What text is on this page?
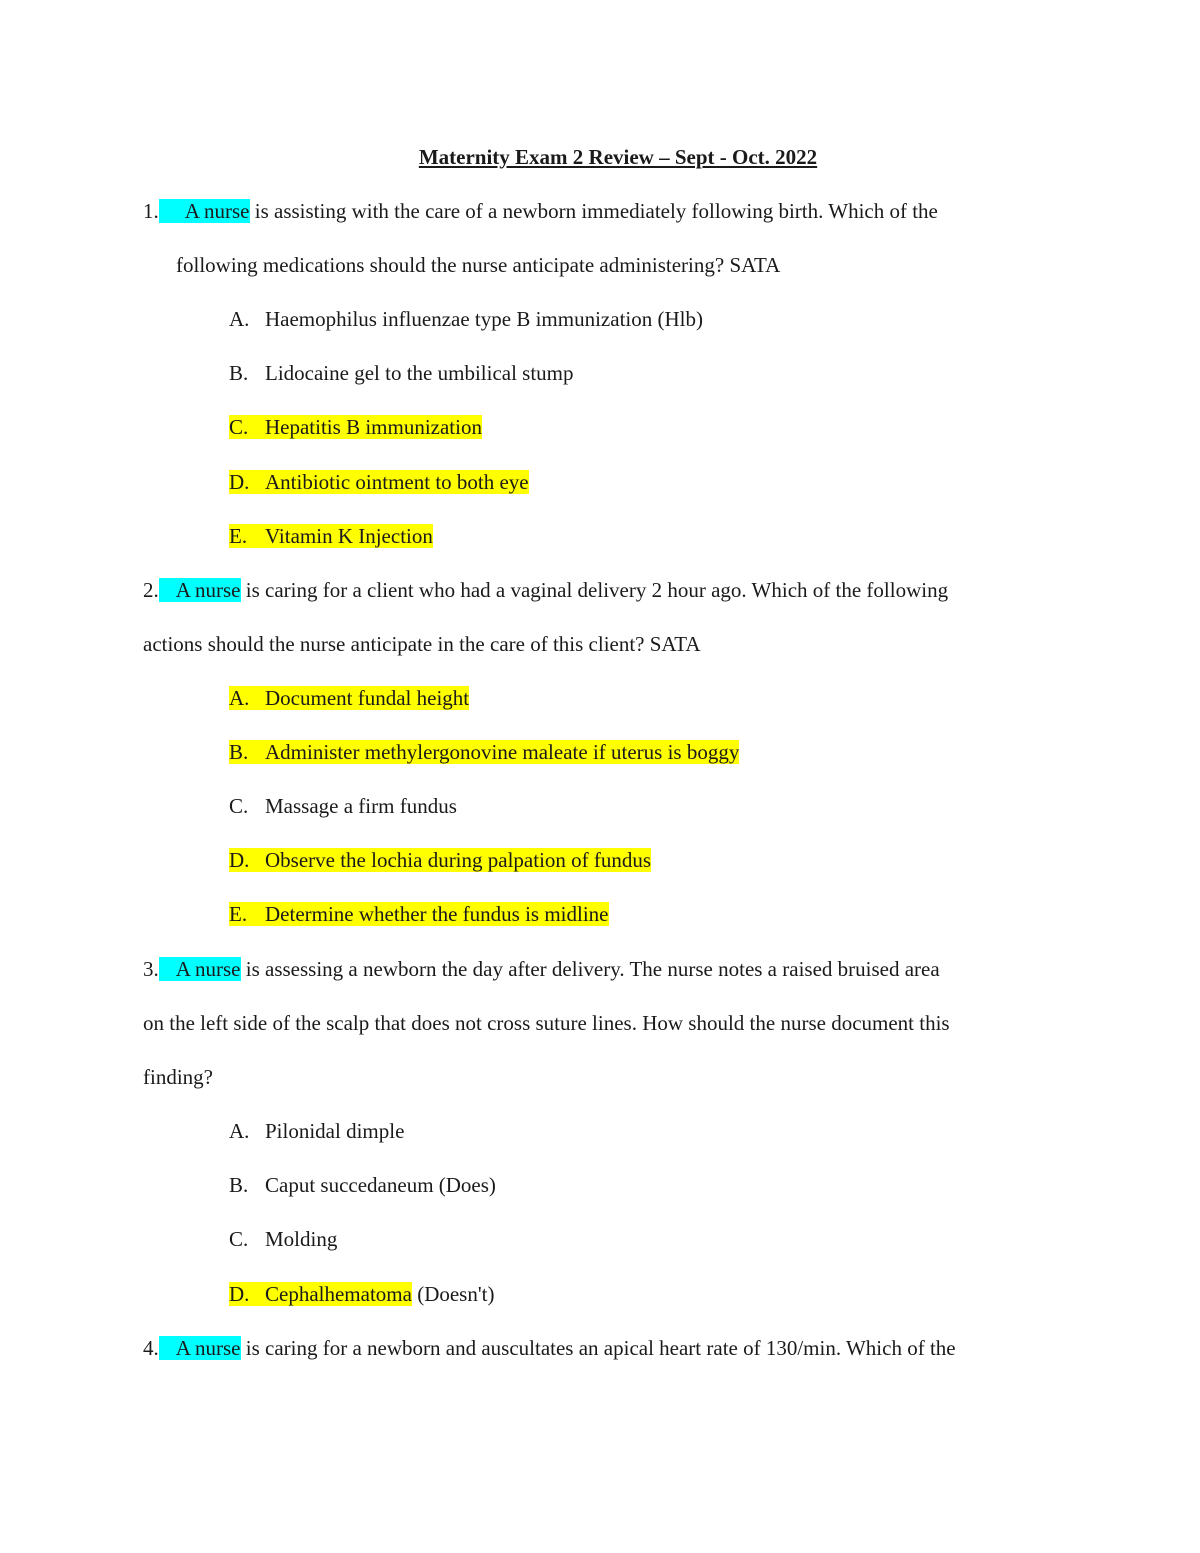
Maternity Exam 2 Review – Sept - Oct. 2022
1. A nurse is assisting with the care of a newborn immediately following birth. Which of the
following medications should the nurse anticipate administering? SATA
A. Haemophilus influenzae type B immunization (Hlb)
B. Lidocaine gel to the umbilical stump
C. Hepatitis B immunization
D. Antibiotic ointment to both eye
E. Vitamin K Injection
2. A nurse is caring for a client who had a vaginal delivery 2 hour ago. Which of the following
actions should the nurse anticipate in the care of this client? SATA
A. Document fundal height
B. Administer methylergonovine maleate if uterus is boggy
C. Massage a firm fundus
D. Observe the lochia during palpation of fundus
E. Determine whether the fundus is midline
3. A nurse is assessing a newborn the day after delivery. The nurse notes a raised bruised area
on the left side of the scalp that does not cross suture lines. How should the nurse document this
finding?
A. Pilonidal dimple
B. Caput succedaneum (Does)
C. Molding
D. Cephalhematoma (Doesn't)
4. A nurse is caring for a newborn and auscultates an apical heart rate of 130/min. Which of the
